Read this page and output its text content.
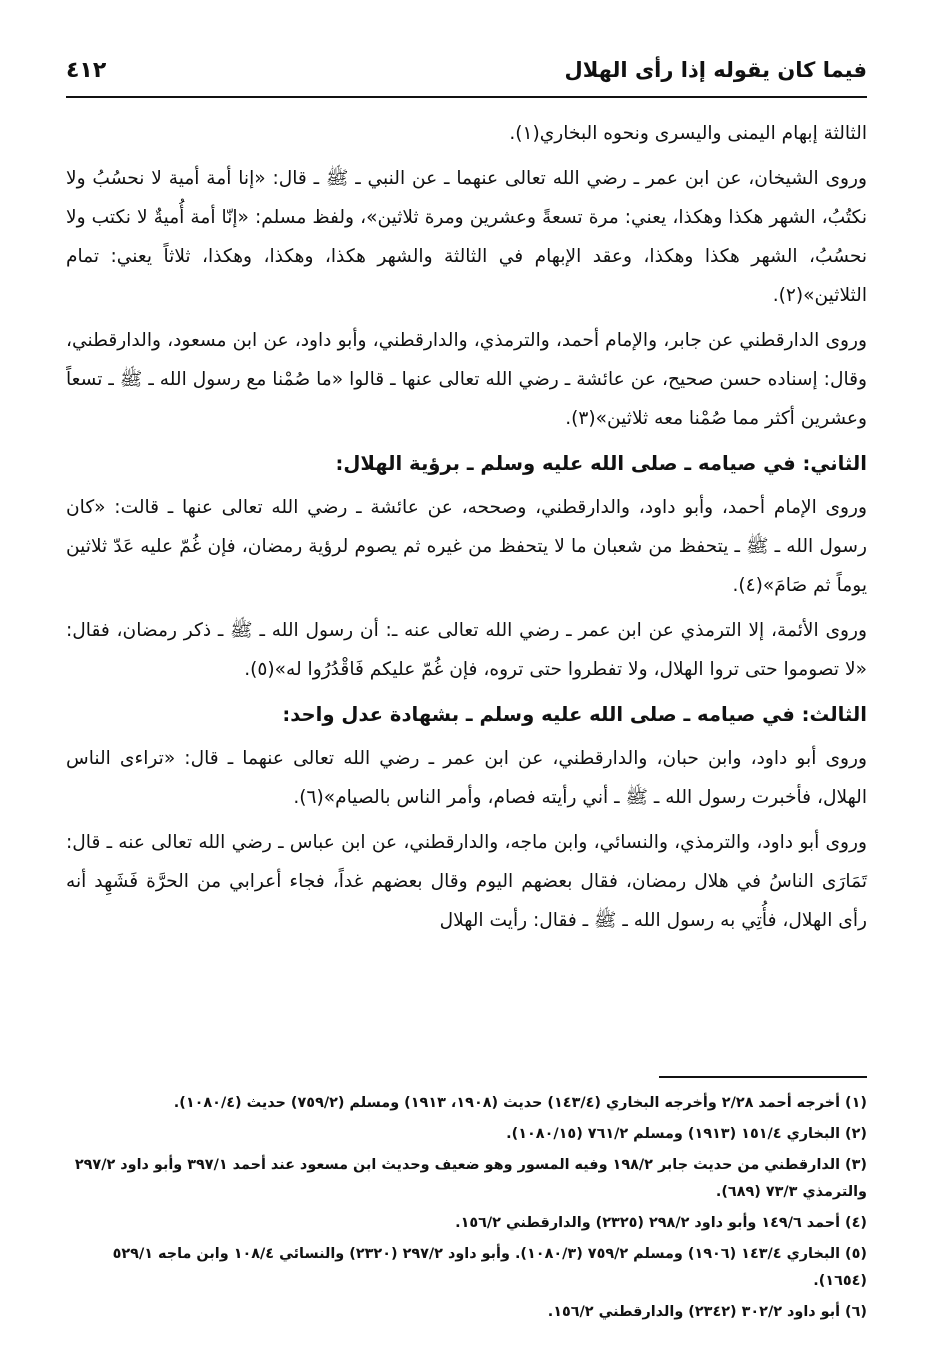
فيما كان يقوله إذا رأى الهلال
٤١٢

الثالثة إبهام اليمنى واليسرى ونحوه البخاري(١).

وروى الشيخان، عن ابن عمر ـ رضي الله تعالى عنهما ـ عن النبي ـ ﷺ ـ قال: «إنا أمة أمية لا نحسُبُ ولا نكتُبُ، الشهر هكذا وهكذا، يعني: مرة تسعةً وعشرين ومرة ثلاثين»، ولفظ مسلم: «إنّا أمة أُميةٌ لا نكتب ولا نحسُبُ، الشهر هكذا وهكذا، وعقد الإبهام في الثالثة والشهر هكذا، وهكذا، وهكذا، ثلاثاً يعني: تمام الثلاثين»(٢).

وروى الدارقطني عن جابر، والإمام أحمد، والترمذي، والدارقطني، وأبو داود، عن ابن مسعود، والدارقطني، وقال: إسناده حسن صحيح، عن عائشة ـ رضي الله تعالى عنها ـ قالوا «ما صُمْنا مع رسول الله ـ ﷺ ـ تسعاً وعشرين أكثر مما صُمْنا معه ثلاثين»(٣).

الثاني: في صيامه ـ صلى الله عليه وسلم ـ برؤية الهلال:

وروى الإمام أحمد، وأبو داود، والدارقطني، وصححه، عن عائشة ـ رضي الله تعالى عنها ـ قالت: «كان رسول الله ـ ﷺ ـ يتحفظ من شعبان ما لا يتحفظ من غيره ثم يصوم لرؤية رمضان، فإن غُمّ عليه عَدّ ثلاثين يوماً ثم صَامَ»(٤).

وروى الأئمة، إلا الترمذي عن ابن عمر ـ رضي الله تعالى عنه ـ: أن رسول الله ـ ﷺ ـ ذكر رمضان، فقال: «لا تصوموا حتى تروا الهلال، ولا تفطروا حتى تروه، فإن غُمّ عليكم فَاقْدُرُوا له»(٥).

الثالث: في صيامه ـ صلى الله عليه وسلم ـ بشهادة عدل واحد:

وروى أبو داود، وابن حبان، والدارقطني، عن ابن عمر ـ رضي الله تعالى عنهما ـ قال: «تراءى الناس الهلال، فأخبرت رسول الله ـ ﷺ ـ أني رأيته فصام، وأمر الناس بالصيام»(٦).

وروى أبو داود، والترمذي، والنسائي، وابن ماجه، والدارقطني، عن ابن عباس ـ رضي الله تعالى عنه ـ قال: تَمَارَى الناسُ في هلال رمضان، فقال بعضهم اليوم وقال بعضهم غداً، فجاء أعرابي من الحرَّة فَشَهِد أنه رأى الهلال، فأُتِي به رسول الله ـ ﷺ ـ فقال: رأيت الهلال

(١) أخرجه أحمد ٢/٢٨ وأخرجه البخاري (١٤٣/٤) حديث (١٩٠٨، ١٩١٣) ومسلم (٧٥٩/٢) حديث (١٠٨٠/٤).

(٢) البخاري ١٥١/٤ (١٩١٣) ومسلم ٧٦١/٢ (١٠٨٠/١٥).

(٣) الدارقطني من حديث جابر ١٩٨/٢ وفيه المسور وهو ضعيف وحديث ابن مسعود عند أحمد ٣٩٧/١ وأبو داود ٢٩٧/٢ والترمذي ٧٣/٣ (٦٨٩).

(٤) أحمد ١٤٩/٦ وأبو داود ٢٩٨/٢ (٢٣٢٥) والدارقطني ١٥٦/٢.

(٥) البخاري ١٤٣/٤ (١٩٠٦) ومسلم ٧٥٩/٢ (١٠٨٠/٣). وأبو داود ٢٩٧/٢ (٢٣٢٠) والنسائي ١٠٨/٤ وابن ماجه ٥٢٩/١ (١٦٥٤).

(٦) أبو داود ٣٠٢/٢ (٢٣٤٢) والدارقطني ١٥٦/٢.
